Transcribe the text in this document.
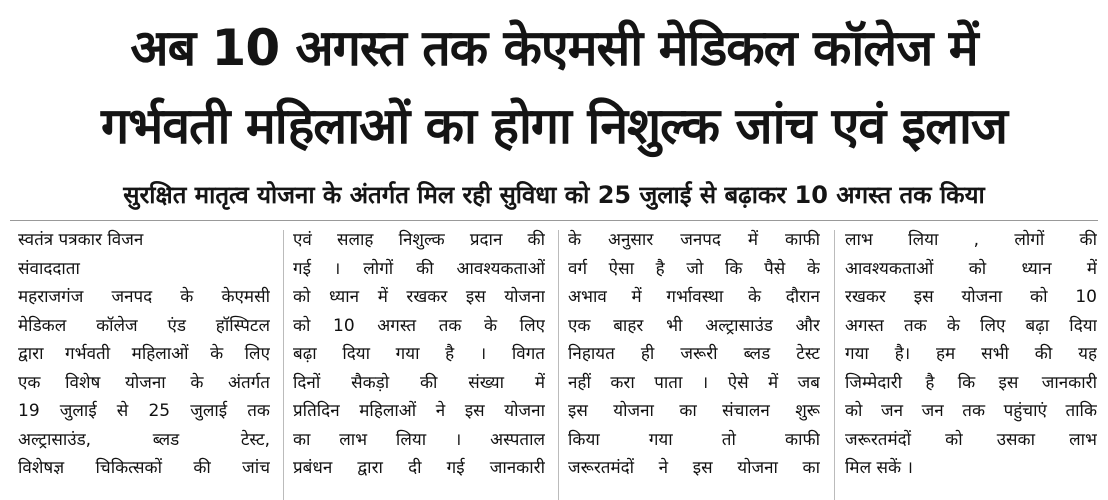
अब 10 अगस्त तक केएमसी मेडिकल कॉलेज में
गर्भवती महिलाओं का होगा निशुल्क जांच एवं इलाज
सुरक्षित मातृत्व योजना के अंतर्गत मिल रही सुविधा को 25 जुलाई से बढ़ाकर 10 अगस्त तक किया
स्वतंत्र पत्रकार विजन
संवाददाता
महराजगंज जनपद के केएमसी
मेडिकल कॉलेज एंड हॉस्पिटल
द्वारा गर्भवती महिलाओं के लिए
एक विशेष योजना के अंतर्गत
19 जुलाई से 25 जुलाई तक
अल्ट्रासाउंड, ब्लड टेस्ट,
विशेषज्ञ चिकित्सकों की जांच
एवं सलाह निशुल्क प्रदान की
गई । लोगों की आवश्यकताओं
को ध्यान में रखकर इस योजना
को 10 अगस्त तक के लिए
बढ़ा दिया गया है । विगत
दिनों सैकड़ो की संख्या में
प्रतिदिन महिलाओं ने इस योजना
का लाभ लिया । अस्पताल
प्रबंधन द्वारा दी गई जानकारी
के अनुसार जनपद में काफी
वर्ग ऐसा है जो कि पैसे के
अभाव में गर्भावस्था के दौरान
एक बाहर भी अल्ट्रासाउंड और
निहायत ही जरूरी ब्लड टेस्ट
नहीं करा पाता । ऐसे में जब
इस योजना का संचालन शुरू
किया गया तो काफी
जरूरतमंदों ने इस योजना का
लाभ लिया , लोगों की
आवश्यकताओं को ध्यान में
रखकर इस योजना को 10
अगस्त तक के लिए बढ़ा दिया
गया है। हम सभी की यह
जिम्मेदारी है कि इस जानकारी
को जन जन तक पहुंचाएं ताकि
जरूरतमंदों को उसका लाभ
मिल सकें ।
